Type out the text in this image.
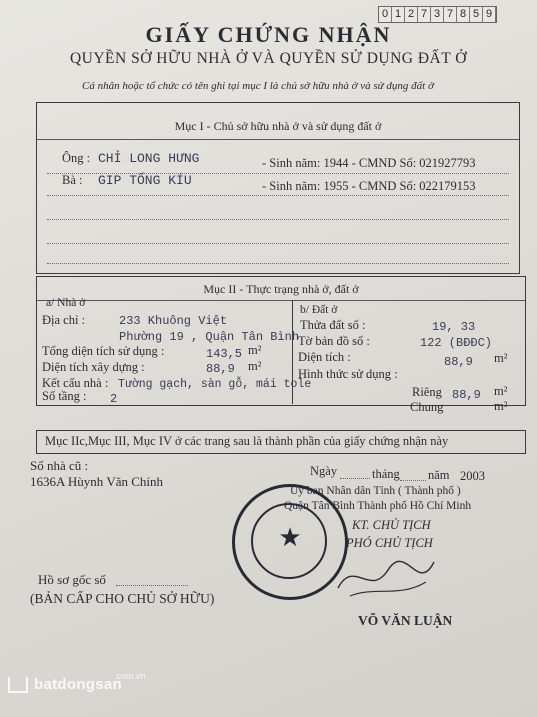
0 1 2 7 3 7 8 5 9
GIẤY CHỨNG NHẬN
QUYỀN SỞ HỮU NHÀ Ở VÀ QUYỀN SỬ DỤNG ĐẤT Ở
Cá nhân hoặc tổ chức có tên ghi tại mục I là chủ sở hữu nhà ở và sử dụng đất ở
Mục I - Chủ sở hữu nhà ở và sử dụng đất ở
Ông : CHỈ LONG HƯNG	- Sinh năm: 1944 - CMND Số: 021927793
Bà : GIP TỐNG KÍU	- Sinh năm: 1955 - CMND Số: 022179153
Mục II - Thực trạng nhà ở, đất ở
a/ Nhà ở
Địa chỉ :	233 Khuông Việt
Phường 19 , Quận Tân Bình
Tổng diện tích sử dụng :	143,5 m²
Diện tích xây dựng :	88,9 m²
Kết cấu nhà : Tường gạch, sàn gỗ, mái tole
Số tầng : 2
b/ Đất ở
Thửa đất số :	19, 33
Tờ bản đồ số :	122 (BĐĐC)
Diện tích :	88,9 m²
Hình thức sử dụng :
Riêng 88,9 m²
Chung	m²
Mục IIc,Mục III, Mục IV ở các trang sau là thành phần của giấy chứng nhận này
Số nhà cũ :
1636A Hùynh Văn Chính
Ngày	tháng năm 2003
Ủy ban Nhân dân Tỉnh ( Thành phố )
Quận Tân Bình Thành phố Hồ Chí Minh
KT. CHỦ TỊCH
PHÓ CHỦ TỊCH
★
Hồ sơ gốc số
(BẢN CẤP CHO CHỦ SỞ HỮU)
VÕ VĂN LUẬN
.com.vn
batdongsan
